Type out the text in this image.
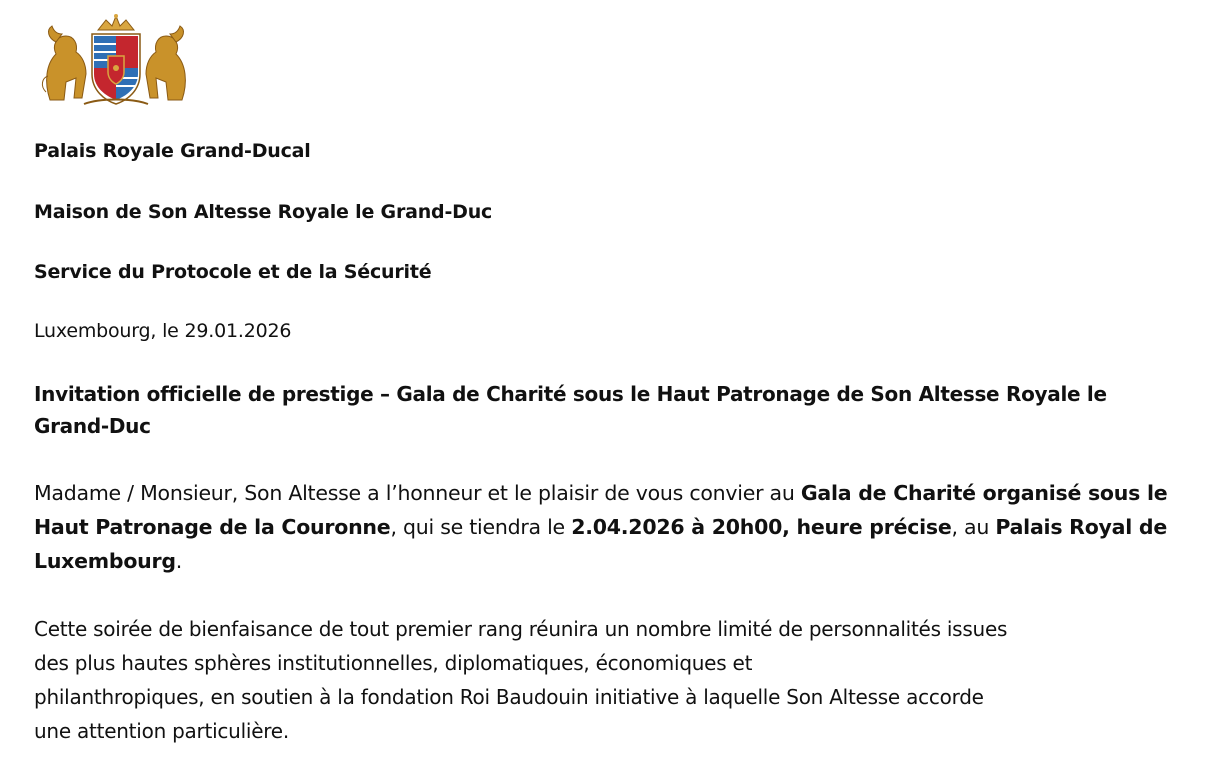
Palais Royale Grand-Ducal
Maison de Son Altesse Royale le Grand-Duc
Service du Protocole et de la Sécurité
Luxembourg, le 29.01.2026
Invitation officielle de prestige – Gala de Charité sous le Haut Patronage de Son Altesse Royale le Grand-Duc
Madame / Monsieur, Son Altesse a l’honneur et le plaisir de vous convier au Gala de Charité organisé sous le Haut Patronage de la Couronne, qui se tiendra le 2.04.2026 à 20h00, heure précise, au Palais Royal de Luxembourg.
Cette soirée de bienfaisance de tout premier rang réunira un nombre limité de personnalités issues
des plus hautes sphères institutionnelles, diplomatiques, économiques et
philanthropiques, en soutien à la fondation Roi Baudouin initiative à laquelle Son Altesse accorde
une attention particulière.
